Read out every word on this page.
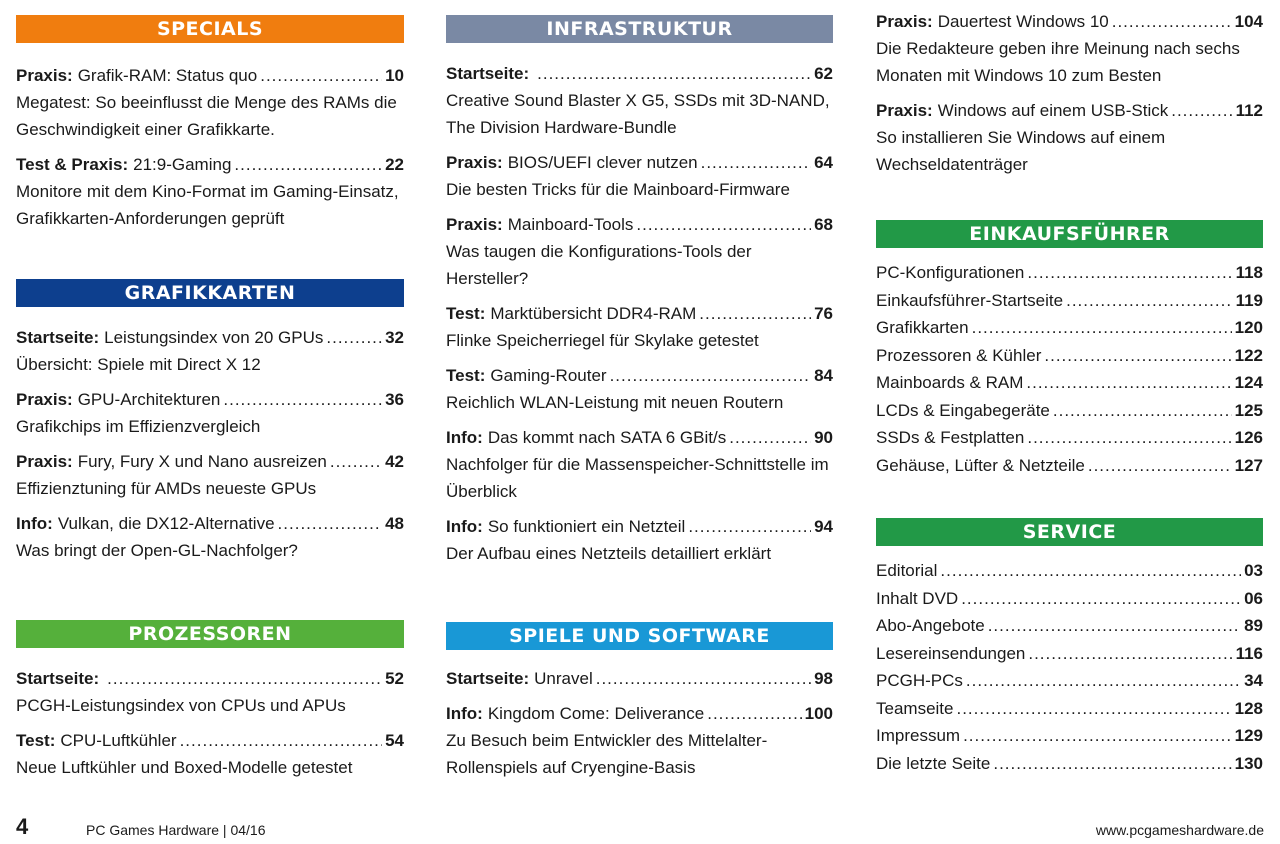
SPECIALS
Praxis: Grafik-RAM: Status quo .....	10
Megatest: So beeinflusst die Menge des RAMs die Geschwindigkeit einer Grafikkarte.
Test & Praxis: 21:9-Gaming .....	22
Monitore mit dem Kino-Format im Gaming-Einsatz, Grafikkarten-Anforderungen geprüft
GRAFIKKARTEN
Startseite: Leistungsindex von 20 GPUs .....	32
Übersicht: Spiele mit Direct X 12
Praxis: GPU-Architekturen .....	36
Grafikchips im Effizienzvergleich
Praxis: Fury, Fury X und Nano ausreizen .....	42
Effizienztuning für AMDs neueste GPUs
Info: Vulkan, die DX12-Alternative .....	48
Was bringt der Open-GL-Nachfolger?
PROZESSOREN
Startseite: .....	52
PCGH-Leistungsindex von CPUs und APUs
Test: CPU-Luftkühler .....	54
Neue Luftkühler und Boxed-Modelle getestet
INFRASTRUKTUR
Startseite: .....	62
Creative Sound Blaster X G5, SSDs mit 3D-NAND, The Division Hardware-Bundle
Praxis: BIOS/UEFI clever nutzen .....	64
Die besten Tricks für die Mainboard-Firmware
Praxis: Mainboard-Tools .....	68
Was taugen die Konfigurations-Tools der Hersteller?
Test: Marktübersicht DDR4-RAM .....	76
Flinke Speicherriegel für Skylake getestet
Test: Gaming-Router .....	84
Reichlich WLAN-Leistung mit neuen Routern
Info: Das kommt nach SATA 6 GBit/s .....	90
Nachfolger für die Massenspeicher-Schnittstelle im Überblick
Info: So funktioniert ein Netzteil .....	94
Der Aufbau eines Netzteils detailliert erklärt
SPIELE UND SOFTWARE
Startseite: Unravel .....	98
Info: Kingdom Come: Deliverance .....	100
Zu Besuch beim Entwickler des Mittelalter-Rollenspiels auf Cryengine-Basis
Praxis: Dauertest Windows 10 .....	104
Die Redakteure geben ihre Meinung nach sechs Monaten mit Windows 10 zum Besten
Praxis: Windows auf einem USB-Stick .....	112
So installieren Sie Windows auf einem Wechseldatenträger
EINKAUFSFÜHRER
PC-Konfigurationen .....	118
Einkaufsführer-Startseite .....	119
Grafikkarten .....	120
Prozessoren & Kühler .....	122
Mainboards & RAM .....	124
LCDs & Eingabegeräte .....	125
SSDs & Festplatten .....	126
Gehäuse, Lüfter & Netzteile .....	127
SERVICE
Editorial .....	03
Inhalt DVD .....	06
Abo-Angebote .....	89
Lesereinsendungen .....	116
PCGH-PCs .....	34
Teamseite .....	128
Impressum .....	129
Die letzte Seite .....	130
4	PC Games Hardware | 04/16	www.pcgameshardware.de
